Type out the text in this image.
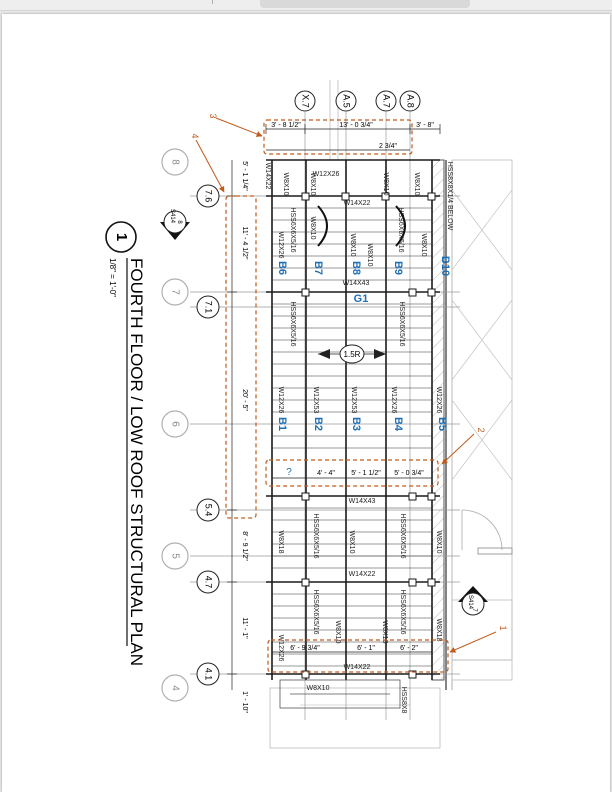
X.7	A.5	A.7 A.8
8
7.6
7
7.1
6
5.4
5
4.7
4
4.1
3' - 8 1/2"	13' - 0 3/4"	3' - 8"
2 3/4"
5' - 1 1/4"
11' - 4 1/2"
20' - 5"
8' - 9 1/2"
11' - 1"
1' - 10"
?	4' - 4" 5' - 1 1/2" 5' - 0 3/4"
6' - 9 3/4"	6' - 1"	6' - 2"
W14X22 W8X10	W12X26
W8X10
W14X22
W8X10	W8X10
W12X26 HSS6X6X5/16 W8X10
W8X10 W8X10
HSS6X6X5/16 W8X10
HSS8X8X1/4 BELOW
W14X43
HSS6X6X5/16	HSS6X6X5/16
W12X26	W12X53	W12X53	W12X26	W12X26
W14X43
W8X18	HSS6X6X5/16	W8X10	HSS6X6X5/16	W8X10
W14X22
HSS6X6X5/16 W8X10	W8X10 HSS6X6X5/16	W8X18
W12X26
W14X22
W8X10	HSS8X8
B6 B7 B8	B9	B10
G1
B1 B2 B3	B4	B5
1.5R
8
S414
7
S414
3
4
2
1
1
FOURTH FLOOR / LOW ROOF STRUCTURAL PLAN
1/8" = 1'-0"
